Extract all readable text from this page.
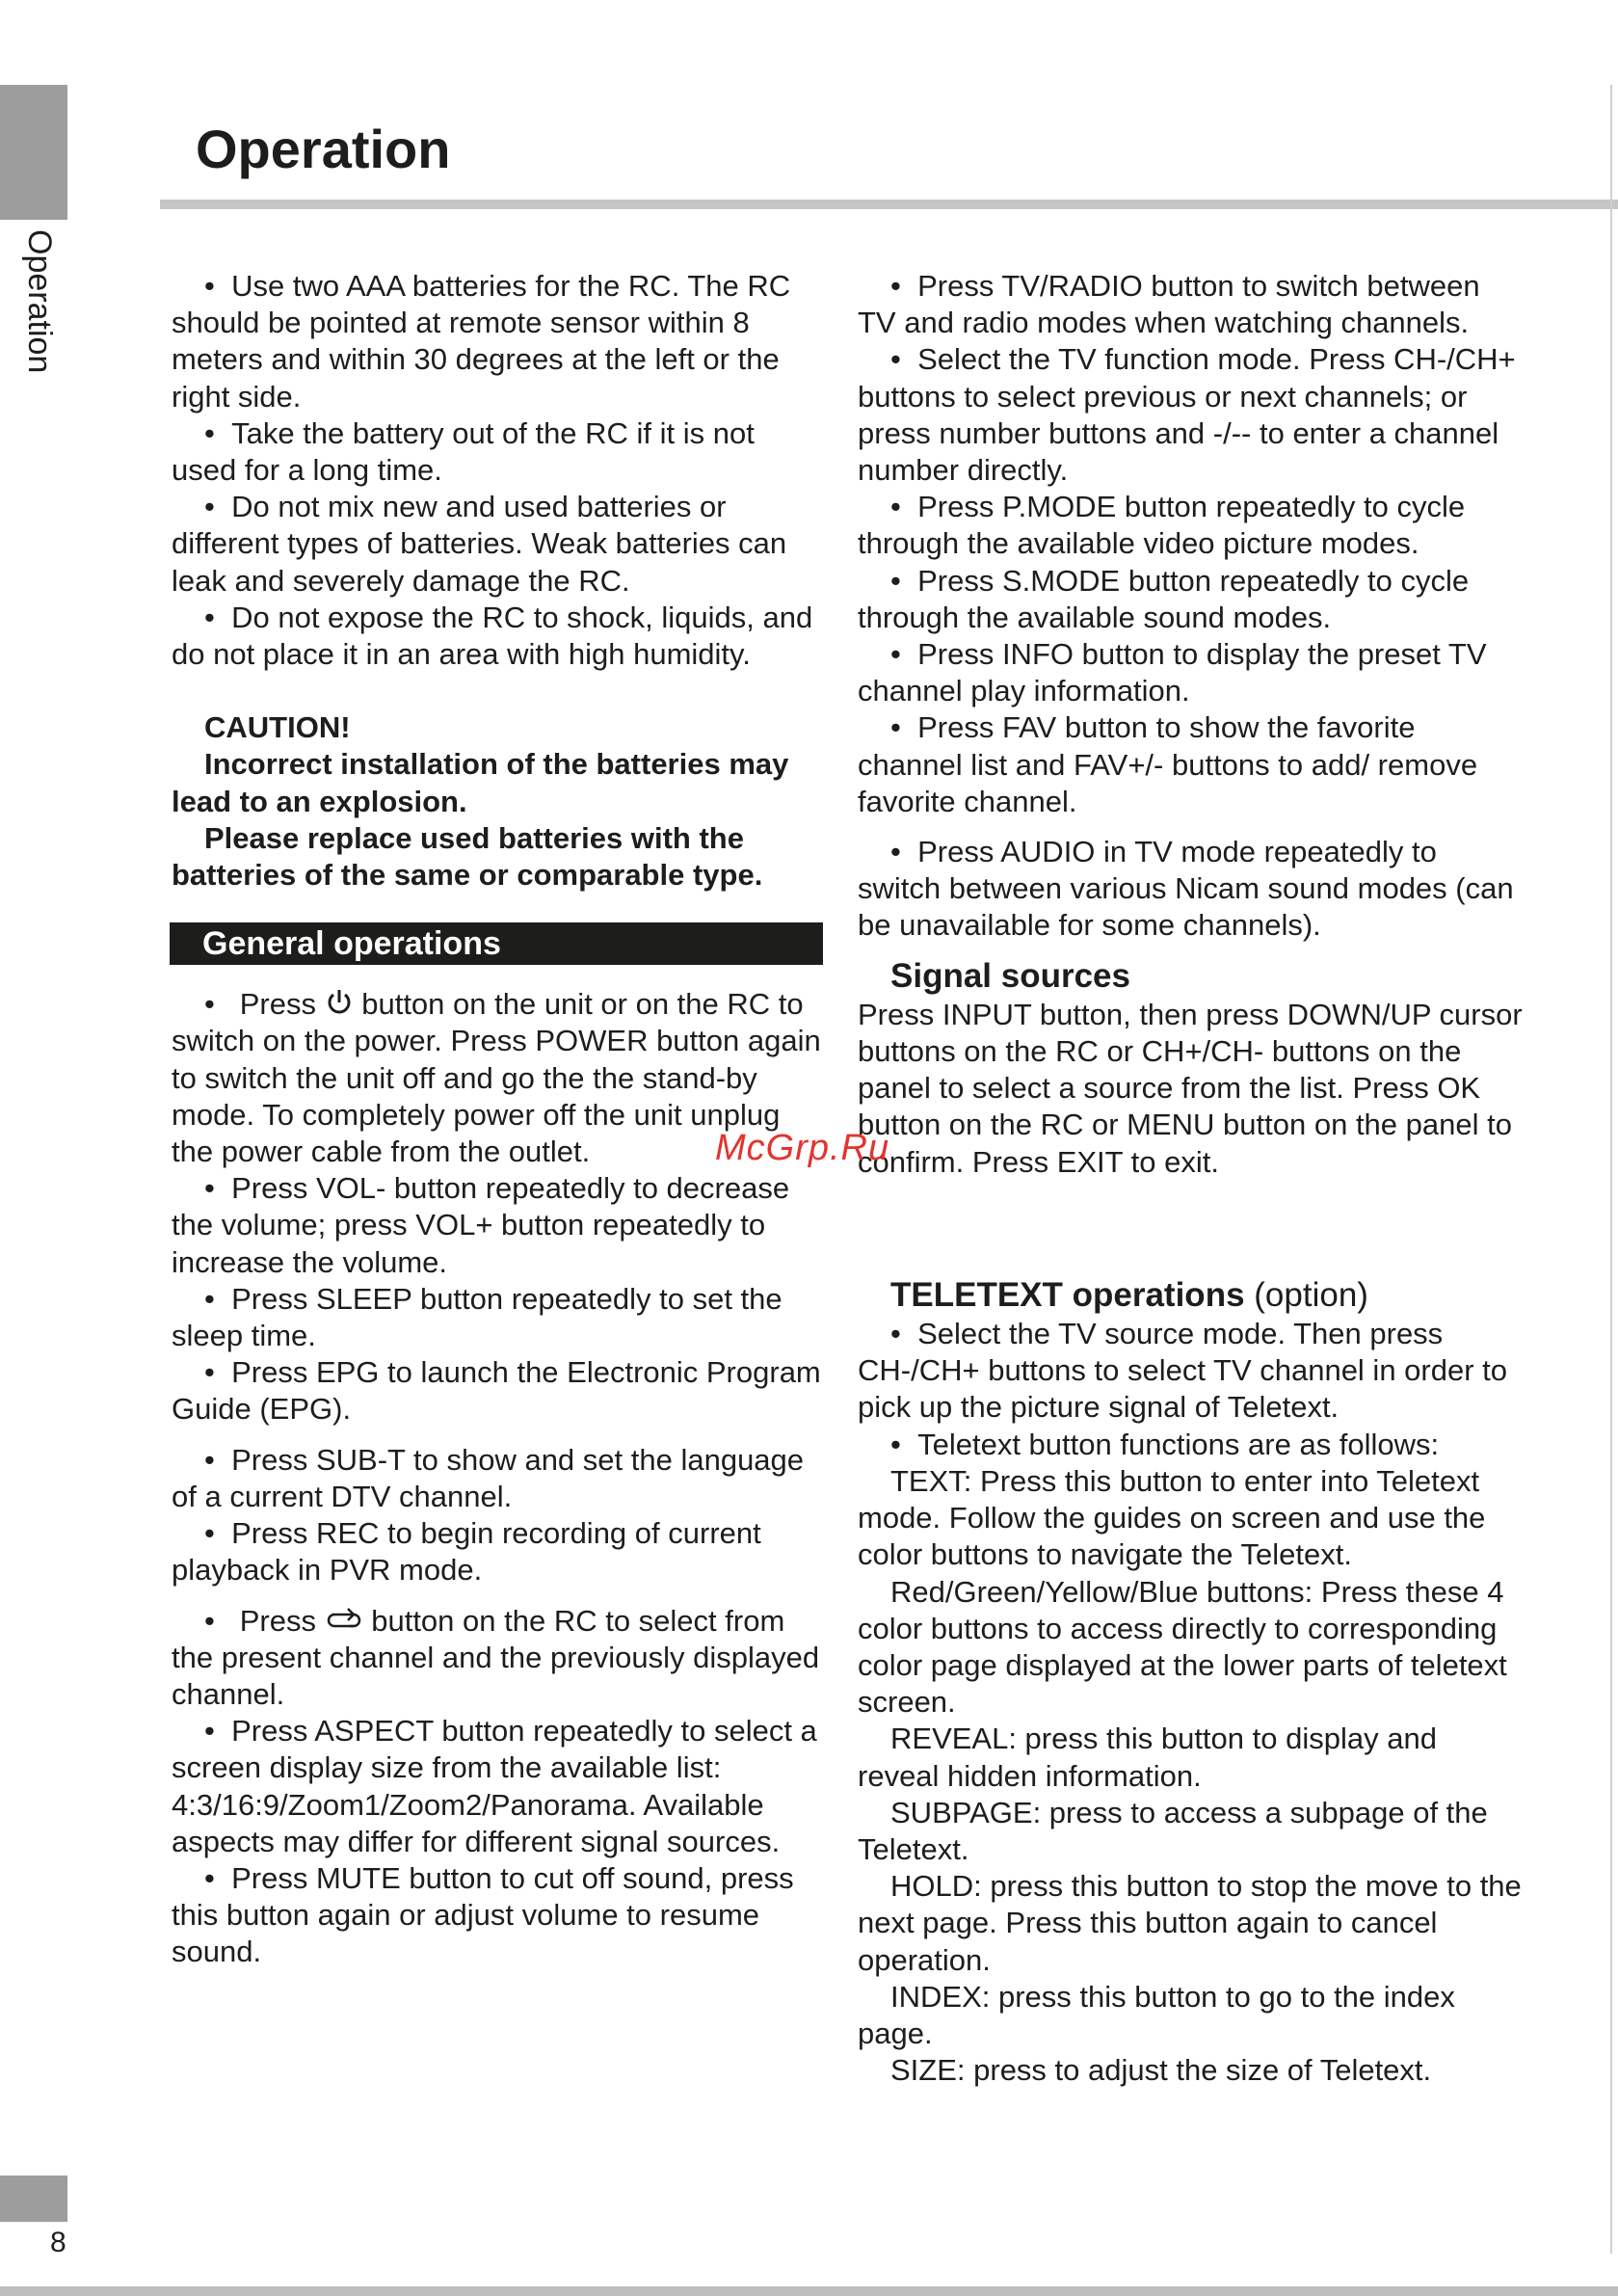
Operation
Operation

•  Use two AAA batteries for the RC. The RC should be pointed at remote sensor within 8 meters and within 30 degrees at the left or the right side.

•  Take the battery out of the RC if it is not used for a long time.

•  Do not mix new and used batteries or different types of batteries. Weak batteries can leak and severely damage the RC.

•  Do not expose the RC to shock, liquids, and do not place it in an area with high humidity.

CAUTION!

Incorrect installation of the batteries may lead to an explosion.

Please replace used batteries with the batteries of the same or comparable type.

General operations

•  Press button on the unit or on the RC to switch on the power. Press POWER button again to switch the unit off and go the the stand-by mode. To completely power off the unit unplug the power cable from the outlet.

•  Press VOL- button repeatedly to decrease the volume; press VOL+ button repeatedly to increase the volume.

•  Press SLEEP button repeatedly to set the sleep time.

•  Press EPG to launch the Electronic Program Guide (EPG).

•  Press SUB-T to show and set the language of a current DTV channel.

•  Press REC to begin recording of current playback in PVR mode.

•  Press button on the RC to select from the present channel and the previously displayed channel.

•  Press ASPECT button repeatedly to select a screen display size from the available list: 4:3/16:9/Zoom1/Zoom2/Panorama. Available aspects may differ for different signal sources.

•  Press MUTE button to cut off sound, press this button again or adjust volume to resume sound.

•  Press TV/RADIO button to switch between TV and radio modes when watching channels.

•  Select the TV function mode. Press CH-/CH+ buttons to select previous or next channels; or press number buttons and -/-- to enter a channel number directly.

•  Press P.MODE button repeatedly to cycle through the available video picture modes.

•  Press S.MODE button repeatedly to cycle through the available sound modes.

•  Press INFO button to display the preset TV channel play information.

•  Press FAV button to show the favorite channel list and FAV+/- buttons to add/ remove favorite channel.

•  Press AUDIO in TV mode repeatedly to switch between various Nicam sound modes (can be unavailable for some channels).

Signal sources

Press INPUT button, then press DOWN/UP cursor buttons on the RC or CH+/CH- buttons on the panel to select a source from the list. Press OK button on the RC or MENU button on the panel to confirm. Press EXIT to exit.

TELETEXT operations (option)

•  Select the TV source mode. Then press CH-/CH+ buttons to select TV channel in order to pick up the picture signal of Teletext.

•  Teletext button functions are as follows:

TEXT: Press this button to enter into Teletext mode. Follow the guides on screen and use the color buttons to navigate the Teletext.

Red/Green/Yellow/Blue buttons: Press these 4 color buttons to access directly to corresponding color page displayed at the lower parts of teletext screen.

REVEAL: press this button to display and reveal hidden information.

SUBPAGE: press to access a subpage of the Teletext.

HOLD: press this button to stop the move to the next page. Press this button again to cancel operation.

INDEX: press this button to go to the index page.

SIZE: press to adjust the size of Teletext.

McGrp.Ru
8
